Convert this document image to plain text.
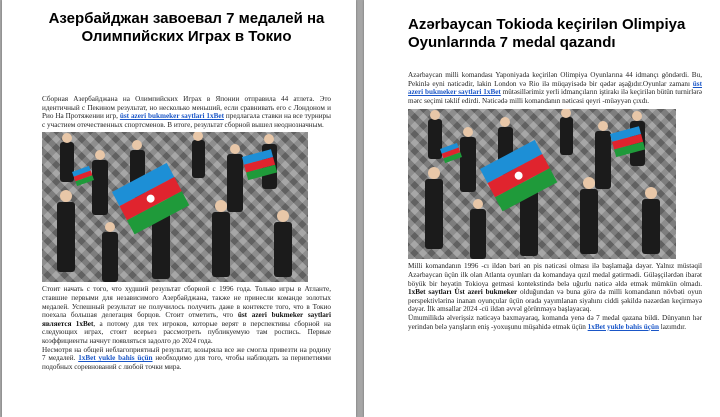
Азербайджан завоевал 7 медалей на Олимпийских Играх в Токио

Сборная Азербайджана на Олимпийских Играх в Японии отправила 44 атлета. Это идентичный с Пекином результат, но несколько меньший, если сравнивать его с Лондоном и Рио На Протяжении игр, üst azeri bukmeker saytlari 1xBet предлагала ставки на все турниры с участием отечественных спортсменов. В итоге, результат сборной вышел неоднозначным.

Стоит начать с того, что худший результат сборной с 1996 года. Только игры в Атланте, ставшие первыми для независимого Азербайджана, также не принесли команде золотых медалей. Успешный результат не получилось получить даже в контексте того, что в Токио поехала большая делегация борцов. Стоит отметить, что üst azeri bukmeker saytlari является 1xBet, а потому для тех игроков, которые верят в перспективы сборной на следующих играх, стоит всерьез рассмотреть публикуемую там роспись. Первые коэффициенты начнут появляться задолго до 2024 года.

Несмотря на общей неблагоприятный результат, козыряла все же смогла привезти на родину 7 медалей. 1xBet yukle bahis üçün необходимо для того, чтобы наблюдать за перипетиями подобных соревнований с любой точки мира.

Azərbaycan Tokioda keçirilən Olimpiya Oyunlarında 7 medal qazandı

Azərbaycan milli komandası Yaponiyada keçirilən Olimpiya Oyunlarına 44 idmançı göndərdi. Bu, Pekinlə eyni nəticədir, lakin London və Rio ilə müqayisədə bir qədər aşağıdır.Oyunlar zamanı üst azeri bukmeker saytlari 1xBet mütəsillərimiz yerli idmançıların iştirakı ilə keçirilən bütün turnirlərə mərc seçimi təklif edirdi. Nəticədə milli komandanın nəticəsi qeyri -müəyyən çıxdı.

Milli komandanın 1996 -cı ildən bəri ən pis nəticəsi olması ilə başlamağa dəyər. Yalnız müstəqil Azərbaycan üçün ilk olan Atlanta oyunları da komandaya qızıl medal gətirmədi. Güləşçilərdən ibarət böyük bir heyətin Tokioya getməsi kontekstində belə uğurlu nəticə əldə etmək mümkün olmadı. 1xBet saytları Üst azeri bukmeker olduğundan və buna görə də milli komandanın növbəti oyun perspektivlərinə inanan oyunçular üçün orada yayımlanan siyahını ciddi şəkildə nəzərdən keçirməyə dəyər. İlk əmsallar 2024 -cü ildən əvvəl görünməyə başlayacaq.

Ümumilikdə əlverişsiz nəticəyə baxmayaraq, komanda yenə də 7 medal qazana bildi. Dünyanın hər yerindən belə yarışların eniş -yoxuşunu müşahidə etmək üçün 1xBet yukle bahis üçün lazımdır.
